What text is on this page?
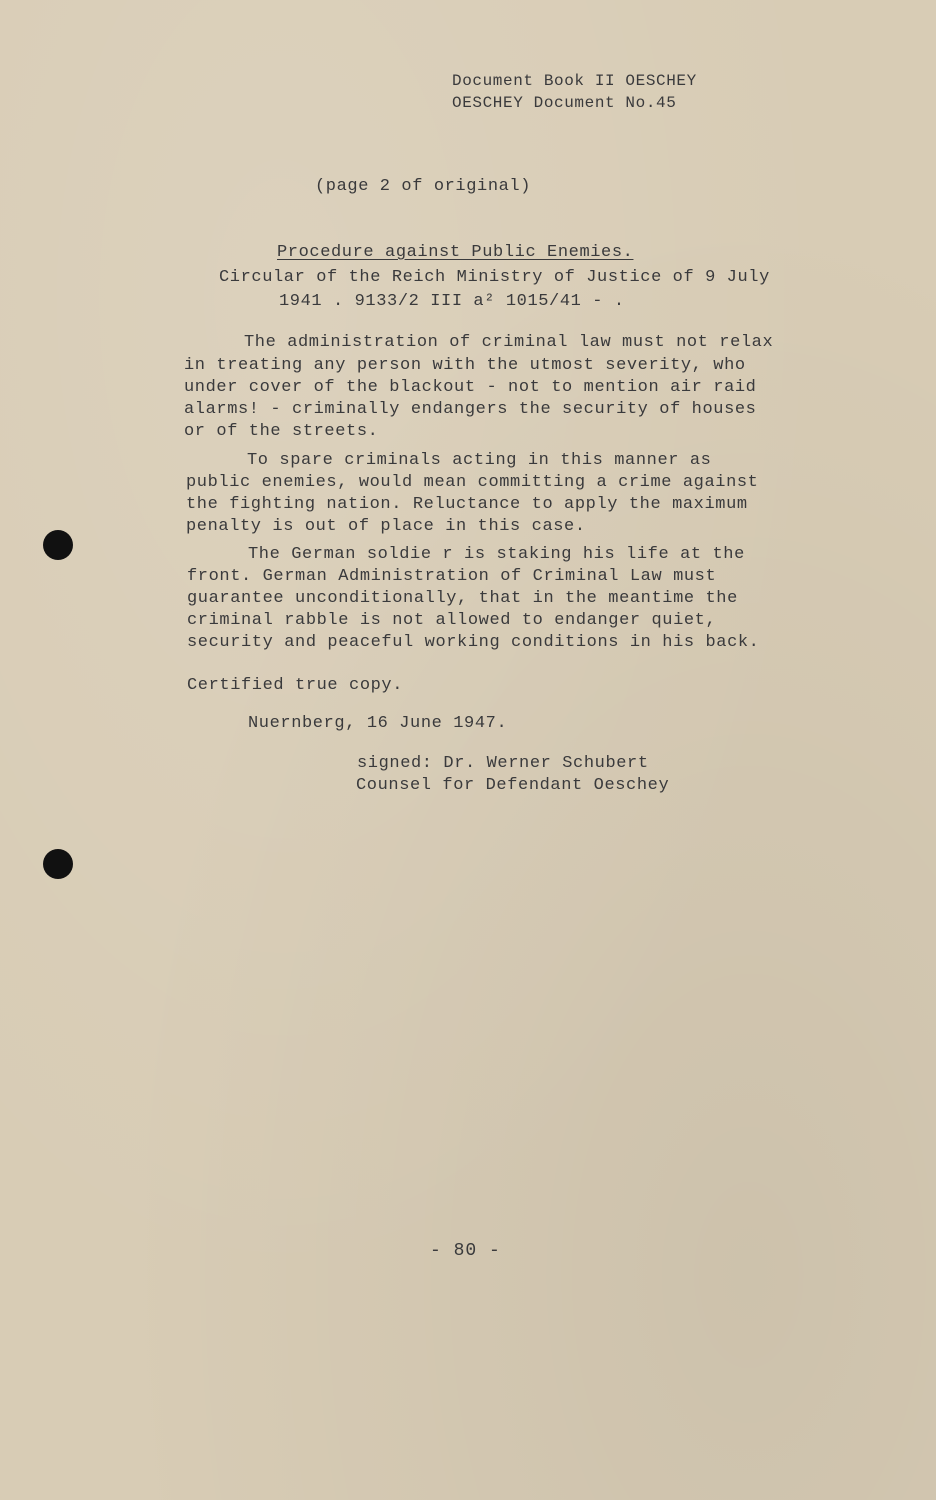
Document Book II OESCHEY
OESCHEY Document No.45
(page 2 of original)
Procedure against Public Enemies.
Circular of the Reich Ministry of Justice of 9 July
1941 . 9133/2 III a² 1015/41 - .
The administration of criminal law must not relax
in treating any person with the utmost severity, who
under cover of the blackout - not to mention air raid
alarms! - criminally endangers the security of houses
or of the streets.
To spare criminals acting in this manner as
public enemies, would mean committing a crime against
the fighting nation. Reluctance to apply the maximum
penalty is out of place in this case.
The German soldie r is staking his life at the
front. German Administration of Criminal Law must
guarantee unconditionally, that in the meantime the
criminal rabble is not allowed to endanger quiet,
security and peaceful working conditions in his back.
Certified true copy.
Nuernberg, 16 June 1947.
signed: Dr. Werner Schubert
Counsel for Defendant Oeschey
- 80 -
